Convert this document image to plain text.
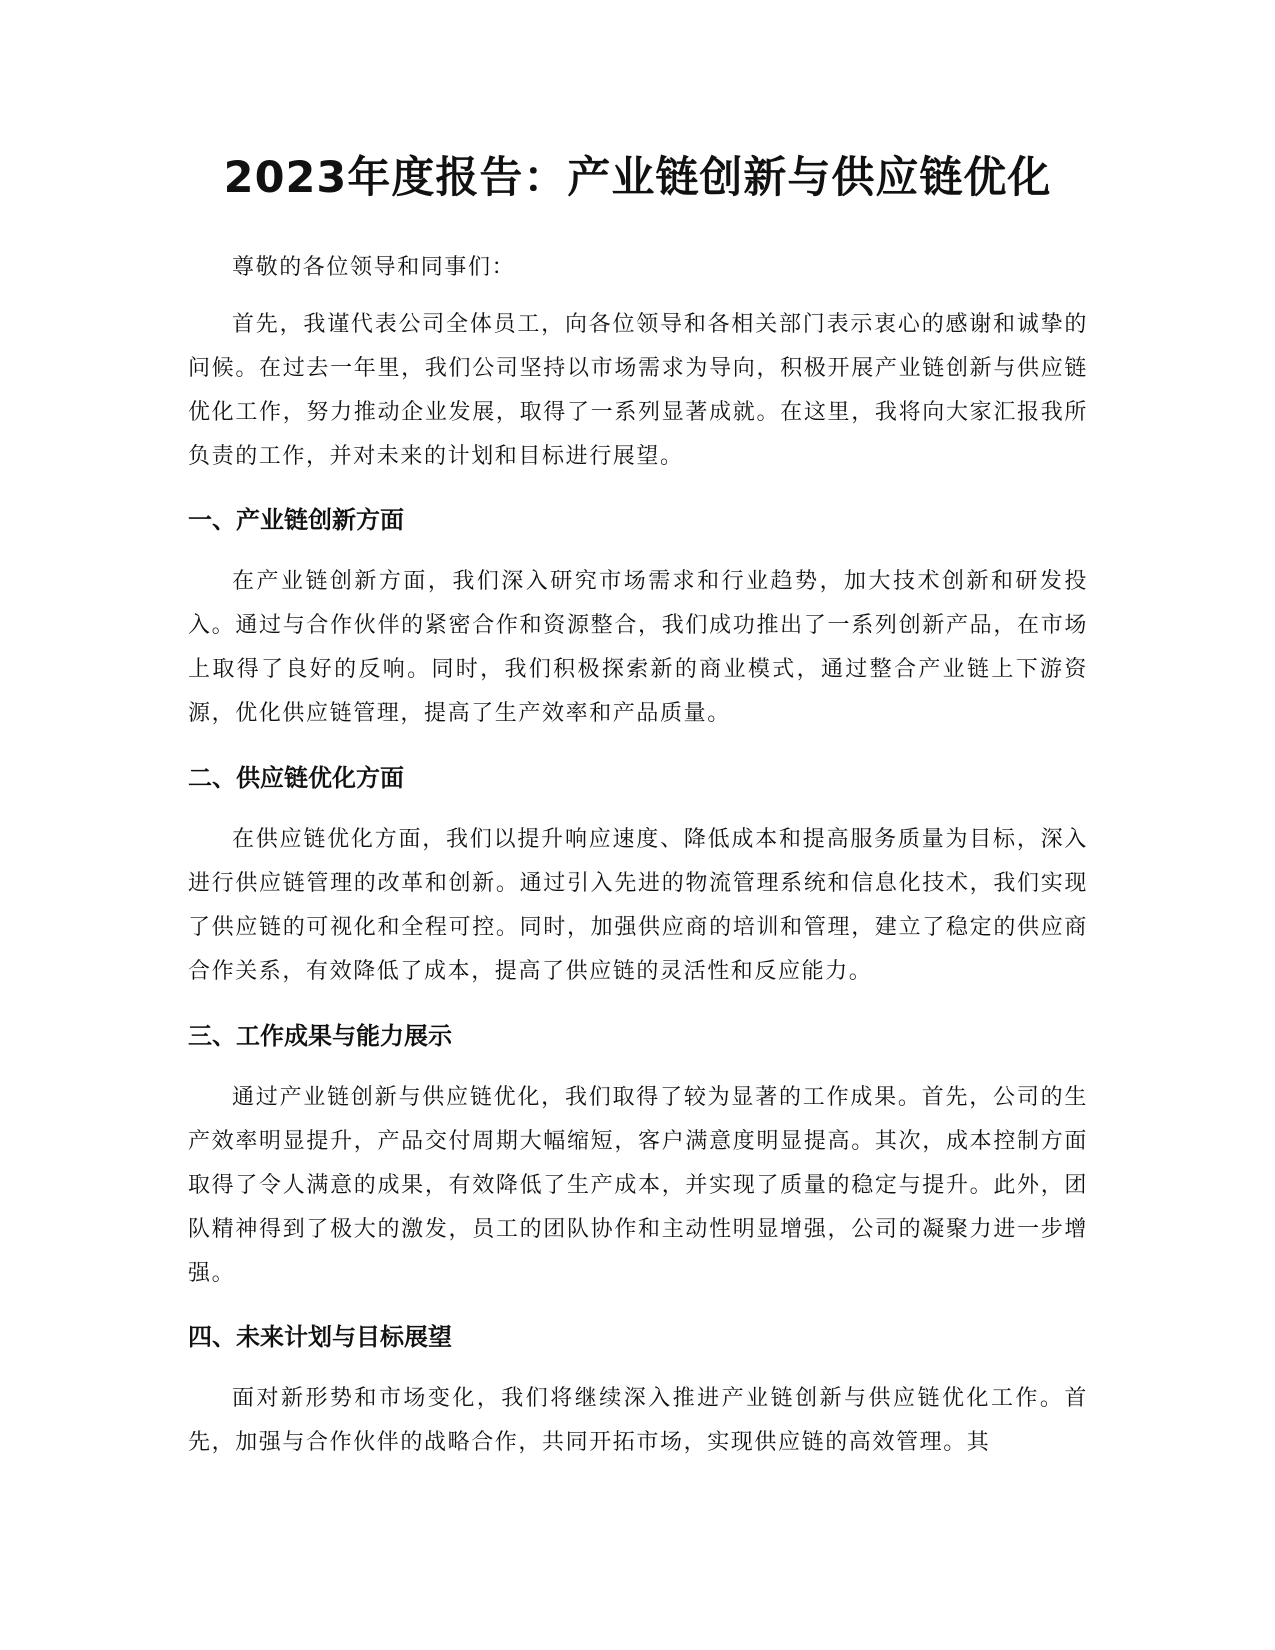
2023年度报告：产业链创新与供应链优化

尊敬的各位领导和同事们：

首先，我谨代表公司全体员工，向各位领导和各相关部门表示衷心的感谢和诚挚的问候。在过去一年里，我们公司坚持以市场需求为导向，积极开展产业链创新与供应链优化工作，努力推动企业发展，取得了一系列显著成就。在这里，我将向大家汇报我所负责的工作，并对未来的计划和目标进行展望。

一、产业链创新方面

在产业链创新方面，我们深入研究市场需求和行业趋势，加大技术创新和研发投入。通过与合作伙伴的紧密合作和资源整合，我们成功推出了一系列创新产品，在市场上取得了良好的反响。同时，我们积极探索新的商业模式，通过整合产业链上下游资源，优化供应链管理，提高了生产效率和产品质量。

二、供应链优化方面

在供应链优化方面，我们以提升响应速度、降低成本和提高服务质量为目标，深入进行供应链管理的改革和创新。通过引入先进的物流管理系统和信息化技术，我们实现了供应链的可视化和全程可控。同时，加强供应商的培训和管理，建立了稳定的供应商合作关系，有效降低了成本，提高了供应链的灵活性和反应能力。

三、工作成果与能力展示

通过产业链创新与供应链优化，我们取得了较为显著的工作成果。首先，公司的生产效率明显提升，产品交付周期大幅缩短，客户满意度明显提高。其次，成本控制方面取得了令人满意的成果，有效降低了生产成本，并实现了质量的稳定与提升。此外，团队精神得到了极大的激发，员工的团队协作和主动性明显增强，公司的凝聚力进一步增强。

四、未来计划与目标展望

面对新形势和市场变化，我们将继续深入推进产业链创新与供应链优化工作。首先，加强与合作伙伴的战略合作，共同开拓市场，实现供应链的高效管理。其
